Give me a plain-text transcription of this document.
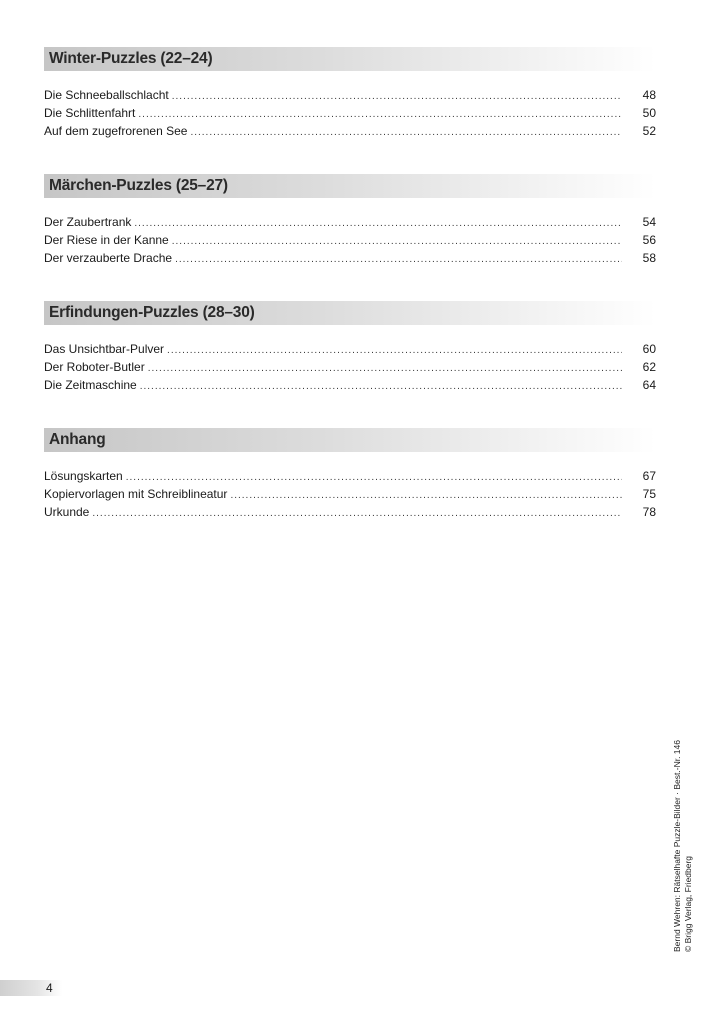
Winter-Puzzles (22–24)
Die Schneeballschlacht .....	48
Die Schlittenfahrt .....	50
Auf dem zugefrorenen See .....	52
Märchen-Puzzles (25–27)
Der Zaubertrank .....	54
Der Riese in der Kanne .....	56
Der verzauberte Drache .....	58
Erfindungen-Puzzles (28–30)
Das Unsichtbar-Pulver .....	60
Der Roboter-Butler .....	62
Die Zeitmaschine .....	64
Anhang
Lösungskarten .....	67
Kopiervorlagen mit Schreiblineatur .....	75
Urkunde .....	78
Bernd Wehren: Rätselhafte Puzzle-Bilder · Best.-Nr. 146 © Brigg Verlag, Friedberg
4
